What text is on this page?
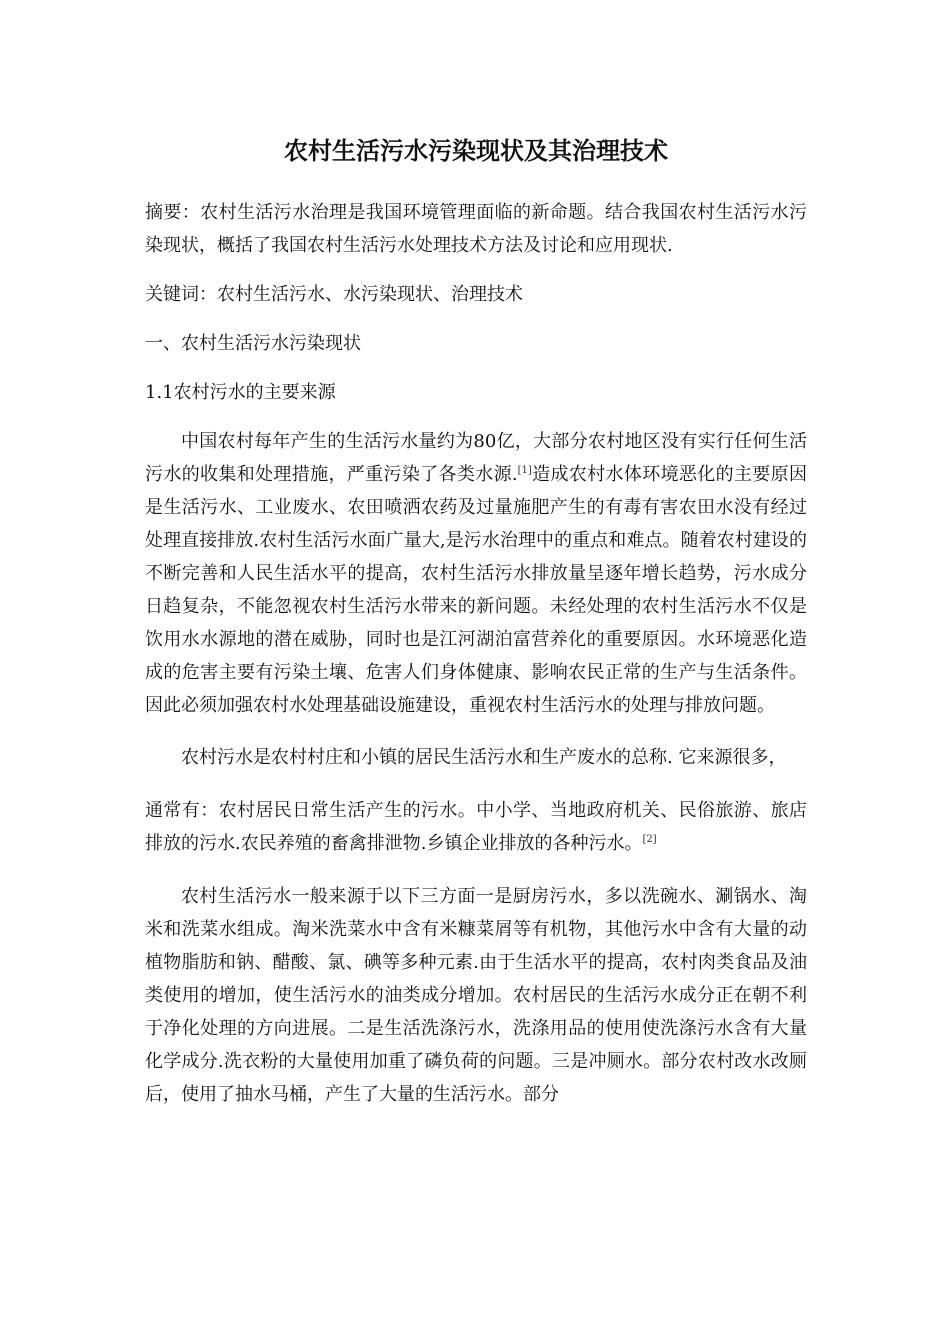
农村生活污水污染现状及其治理技术

摘要：农村生活污水治理是我国环境管理面临的新命题。结合我国农村生活污水污染现状，概括了我国农村生活污水处理技术方法及讨论和应用现状.

关键词：农村生活污水、水污染现状、治理技术

一、农村生活污水污染现状

1.1农村污水的主要来源

中国农村每年产生的生活污水量约为80亿，大部分农村地区没有实行任何生活污水的收集和处理措施，严重污染了各类水源.[1]造成农村水体环境恶化的主要原因是生活污水、工业废水、农田喷洒农药及过量施肥产生的有毒有害农田水没有经过处理直接排放.农村生活污水面广量大,是污水治理中的重点和难点。随着农村建设的不断完善和人民生活水平的提高，农村生活污水排放量呈逐年增长趋势，污水成分日趋复杂，不能忽视农村生活污水带来的新问题。未经处理的农村生活污水不仅是饮用水水源地的潜在威胁，同时也是江河湖泊富营养化的重要原因。水环境恶化造成的危害主要有污染土壤、危害人们身体健康、影响农民正常的生产与生活条件。因此必须加强农村水处理基础设施建设，重视农村生活污水的处理与排放问题。

农村污水是农村村庄和小镇的居民生活污水和生产废水的总称. 它来源很多，

通常有：农村居民日常生活产生的污水。中小学、当地政府机关、民俗旅游、旅店排放的污水.农民养殖的畜禽排泄物.乡镇企业排放的各种污水。[2]

农村生活污水一般来源于以下三方面一是厨房污水，多以洗碗水、涮锅水、淘米和洗菜水组成。淘米洗菜水中含有米糠菜屑等有机物，其他污水中含有大量的动植物脂肪和钠、醋酸、氯、碘等多种元素.由于生活水平的提高，农村肉类食品及油类使用的增加，使生活污水的油类成分增加。农村居民的生活污水成分正在朝不利于净化处理的方向进展。二是生活洗涤污水，洗涤用品的使用使洗涤污水含有大量化学成分.洗衣粉的大量使用加重了磷负荷的问题。三是冲厕水。部分农村改水改厕后，使用了抽水马桶，产生了大量的生活污水。部分
